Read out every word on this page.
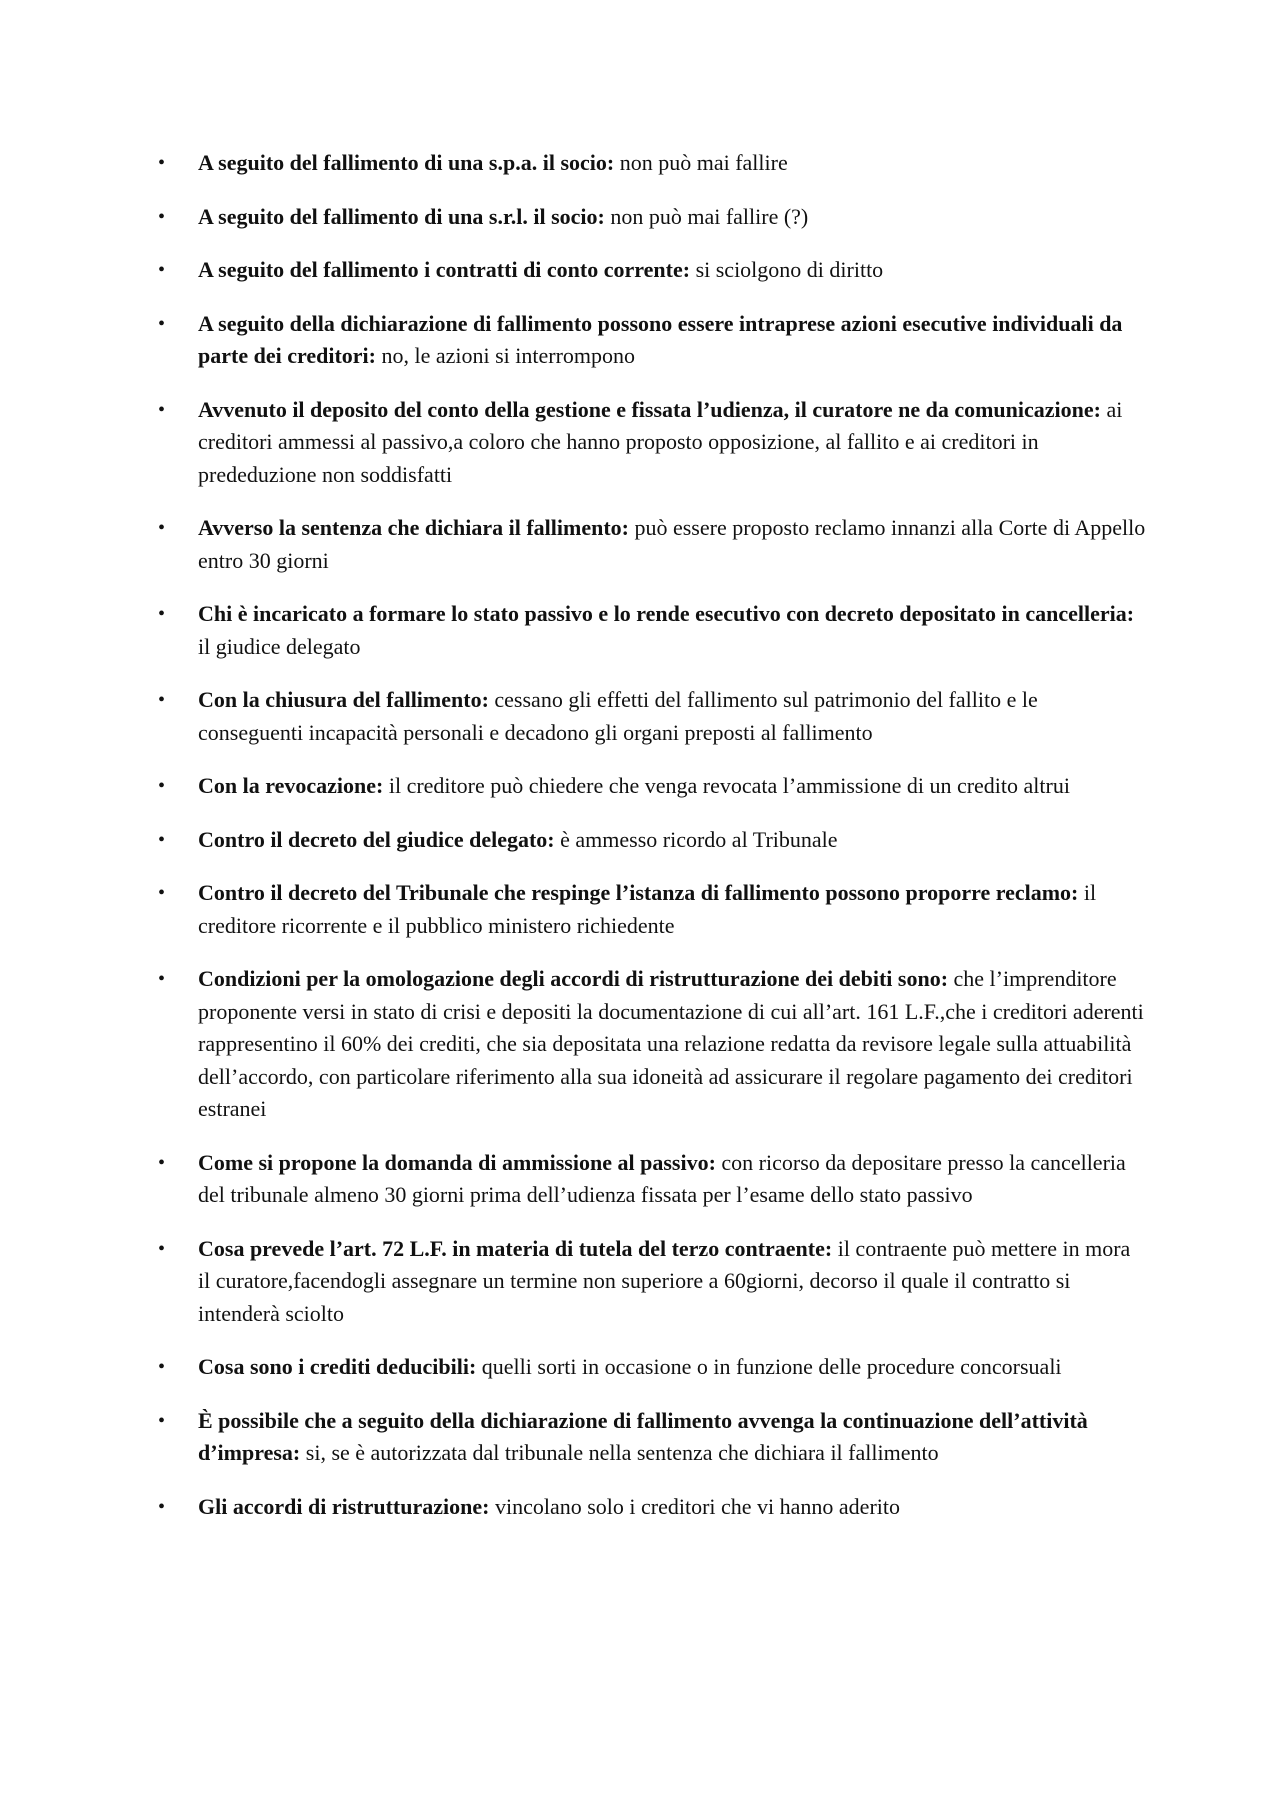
•	A seguito del fallimento di una s.p.a. il socio: non può mai fallire
•	A seguito del fallimento di una s.r.l. il socio: non può mai fallire (?)
•	A seguito del fallimento i contratti di conto corrente: si sciolgono di diritto
•	A seguito della dichiarazione di fallimento possono essere intraprese azioni esecutive individuali da parte dei creditori: no, le azioni si interrompono
•	Avvenuto il deposito del conto della gestione e fissata l’udienza, il curatore ne da comunicazione: ai creditori ammessi al passivo,a coloro che hanno proposto opposizione, al fallito e ai creditori in prededuzione non soddisfatti
•	Avverso la sentenza che dichiara il fallimento: può essere proposto reclamo innanzi alla Corte di Appello entro 30 giorni
•	Chi è incaricato a formare lo stato passivo e lo rende esecutivo con decreto depositato in cancelleria: il giudice delegato
•	Con la chiusura del fallimento: cessano gli effetti del fallimento sul patrimonio del fallito e le conseguenti incapacità personali e decadono gli organi preposti al fallimento
•	Con la revocazione: il creditore può chiedere che venga revocata l’ammissione di un credito altrui
•	Contro il decreto del giudice delegato: è ammesso ricordo al Tribunale
•	Contro il decreto del Tribunale che respinge l’istanza di fallimento possono proporre reclamo: il creditore ricorrente e il pubblico ministero richiedente
•	Condizioni per la omologazione degli accordi di ristrutturazione dei debiti sono: che l’imprenditore proponente versi in stato di crisi e depositi la documentazione di cui all’art. 161 L.F.,che i creditori aderenti rappresentino il 60% dei crediti, che sia depositata una relazione redatta da revisore legale sulla attuabilità dell’accordo, con particolare riferimento alla sua idoneità ad assicurare il regolare pagamento dei creditori estranei
•	Come si propone la domanda di ammissione al passivo: con ricorso da depositare presso la cancelleria del tribunale almeno 30 giorni prima dell’udienza fissata per l’esame dello stato passivo
•	Cosa prevede l’art. 72 L.F. in materia di tutela del terzo contraente: il contraente può mettere in mora il curatore,facendogli assegnare un termine non superiore a 60giorni, decorso il quale il contratto si intenderà sciolto
•	Cosa sono i crediti deducibili: quelli sorti in occasione o in funzione delle procedure concorsuali
•	È possibile che a seguito della dichiarazione di fallimento avvenga la continuazione dell’attività d’impresa: si, se è autorizzata dal tribunale nella sentenza che dichiara il fallimento
•	Gli accordi di ristrutturazione: vincolano solo i creditori che vi hanno aderito
